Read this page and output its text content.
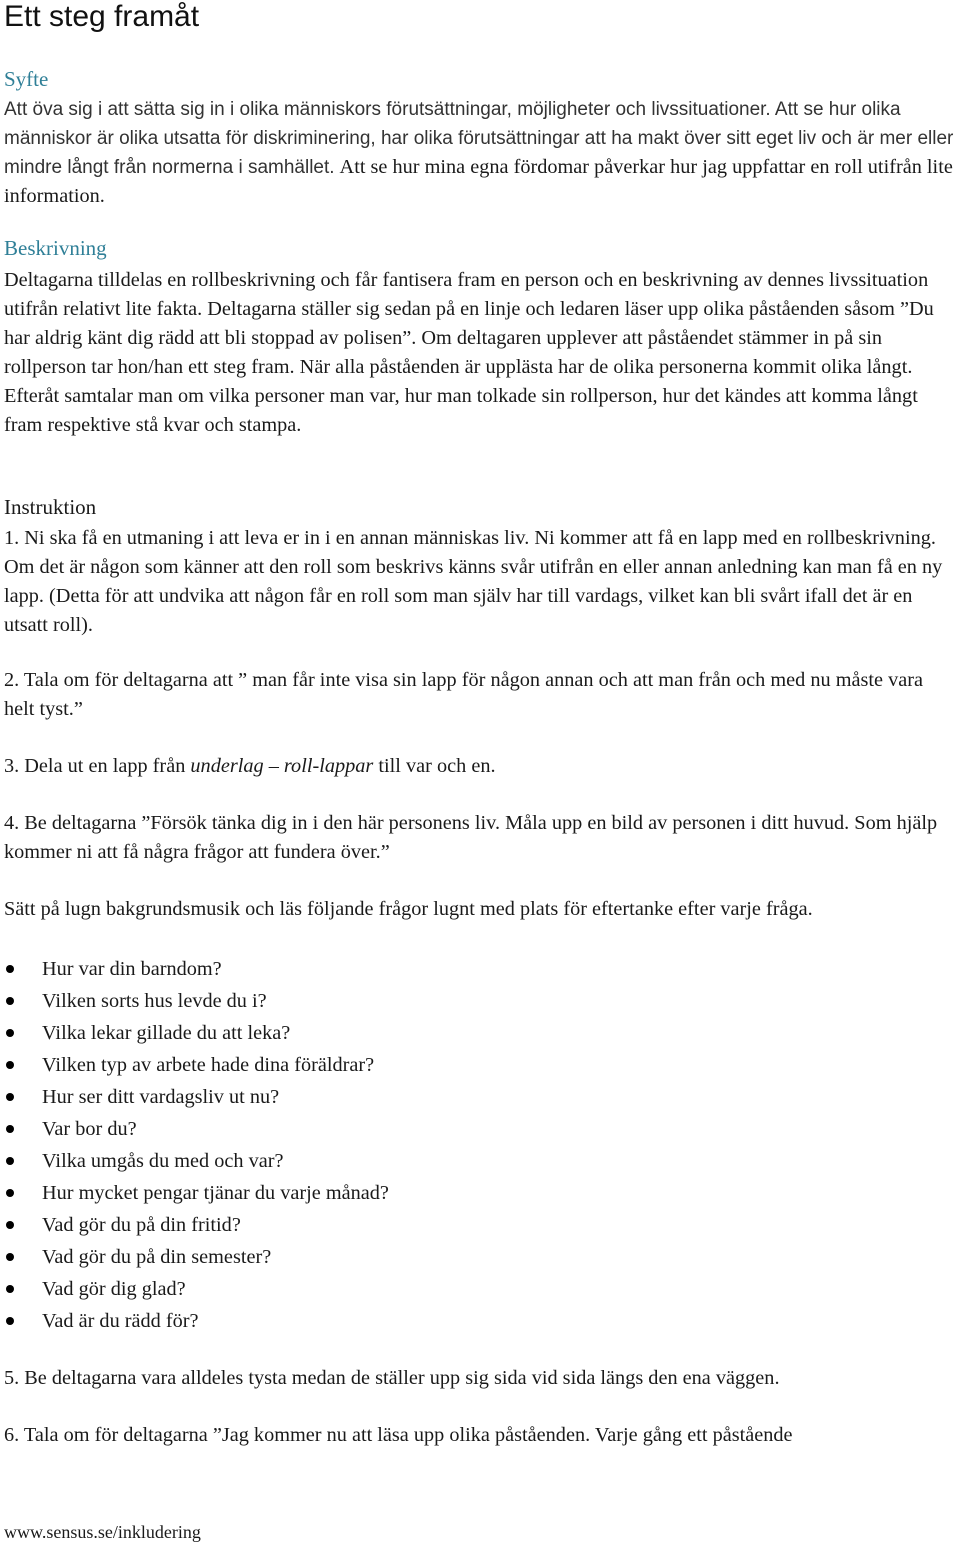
Ett steg framåt
Syfte

Att öva sig i att sätta sig in i olika människors förutsättningar, möjligheter och livssituationer. Att se hur olika människor är olika utsatta för diskriminering, har olika förutsättningar att ha makt över sitt eget liv och är mer eller mindre långt från normerna i samhället. Att se hur mina egna fördomar påverkar hur jag uppfattar en roll utifrån lite information.

Beskrivning

Deltagarna tilldelas en rollbeskrivning och får fantisera fram en person och en beskrivning av dennes livssituation utifrån relativt lite fakta. Deltagarna ställer sig sedan på en linje och ledaren läser upp olika påståenden såsom ”Du har aldrig känt dig rädd att bli stoppad av polisen”. Om deltagaren upplever att påståendet stämmer in på sin rollperson tar hon/han ett steg fram. När alla påståenden är upplästa har de olika personerna kommit olika långt. Efteråt samtalar man om vilka personer man var, hur man tolkade sin rollperson, hur det kändes att komma långt fram respektive stå kvar och stampa.

Instruktion

1. Ni ska få en utmaning i att leva er in i en annan människas liv. Ni kommer att få en lapp med en rollbeskrivning. Om det är någon som känner att den roll som beskrivs känns svår utifrån en eller annan anledning kan man få en ny lapp. (Detta för att undvika att någon får en roll som man själv har till vardags, vilket kan bli svårt ifall det är en utsatt roll).

2. Tala om för deltagarna att ” man får inte visa sin lapp för någon annan och att man från och med nu måste vara helt tyst.”

3. Dela ut en lapp från underlag – roll-lappar till var och en.

4. Be deltagarna ”Försök tänka dig in i den här personens liv. Måla upp en bild av personen i ditt huvud. Som hjälp kommer ni att få några frågor att fundera över.”

Sätt på lugn bakgrundsmusik och läs följande frågor lugnt med plats för eftertanke efter varje fråga.

Hur var din barndom?
Vilken sorts hus levde du i?
Vilka lekar gillade du att leka?
Vilken typ av arbete hade dina föräldrar?
Hur ser ditt vardagsliv ut nu?
Var bor du?
Vilka umgås du med och var?
Hur mycket pengar tjänar du varje månad?
Vad gör du på din fritid?
Vad gör du på din semester?
Vad gör dig glad?
Vad är du rädd för?

5. Be deltagarna vara alldeles tysta medan de ställer upp sig sida vid sida längs den ena väggen.

6. Tala om för deltagarna ”Jag kommer nu att läsa upp olika påståenden. Varje gång ett påstående

www.sensus.se/inkludering
